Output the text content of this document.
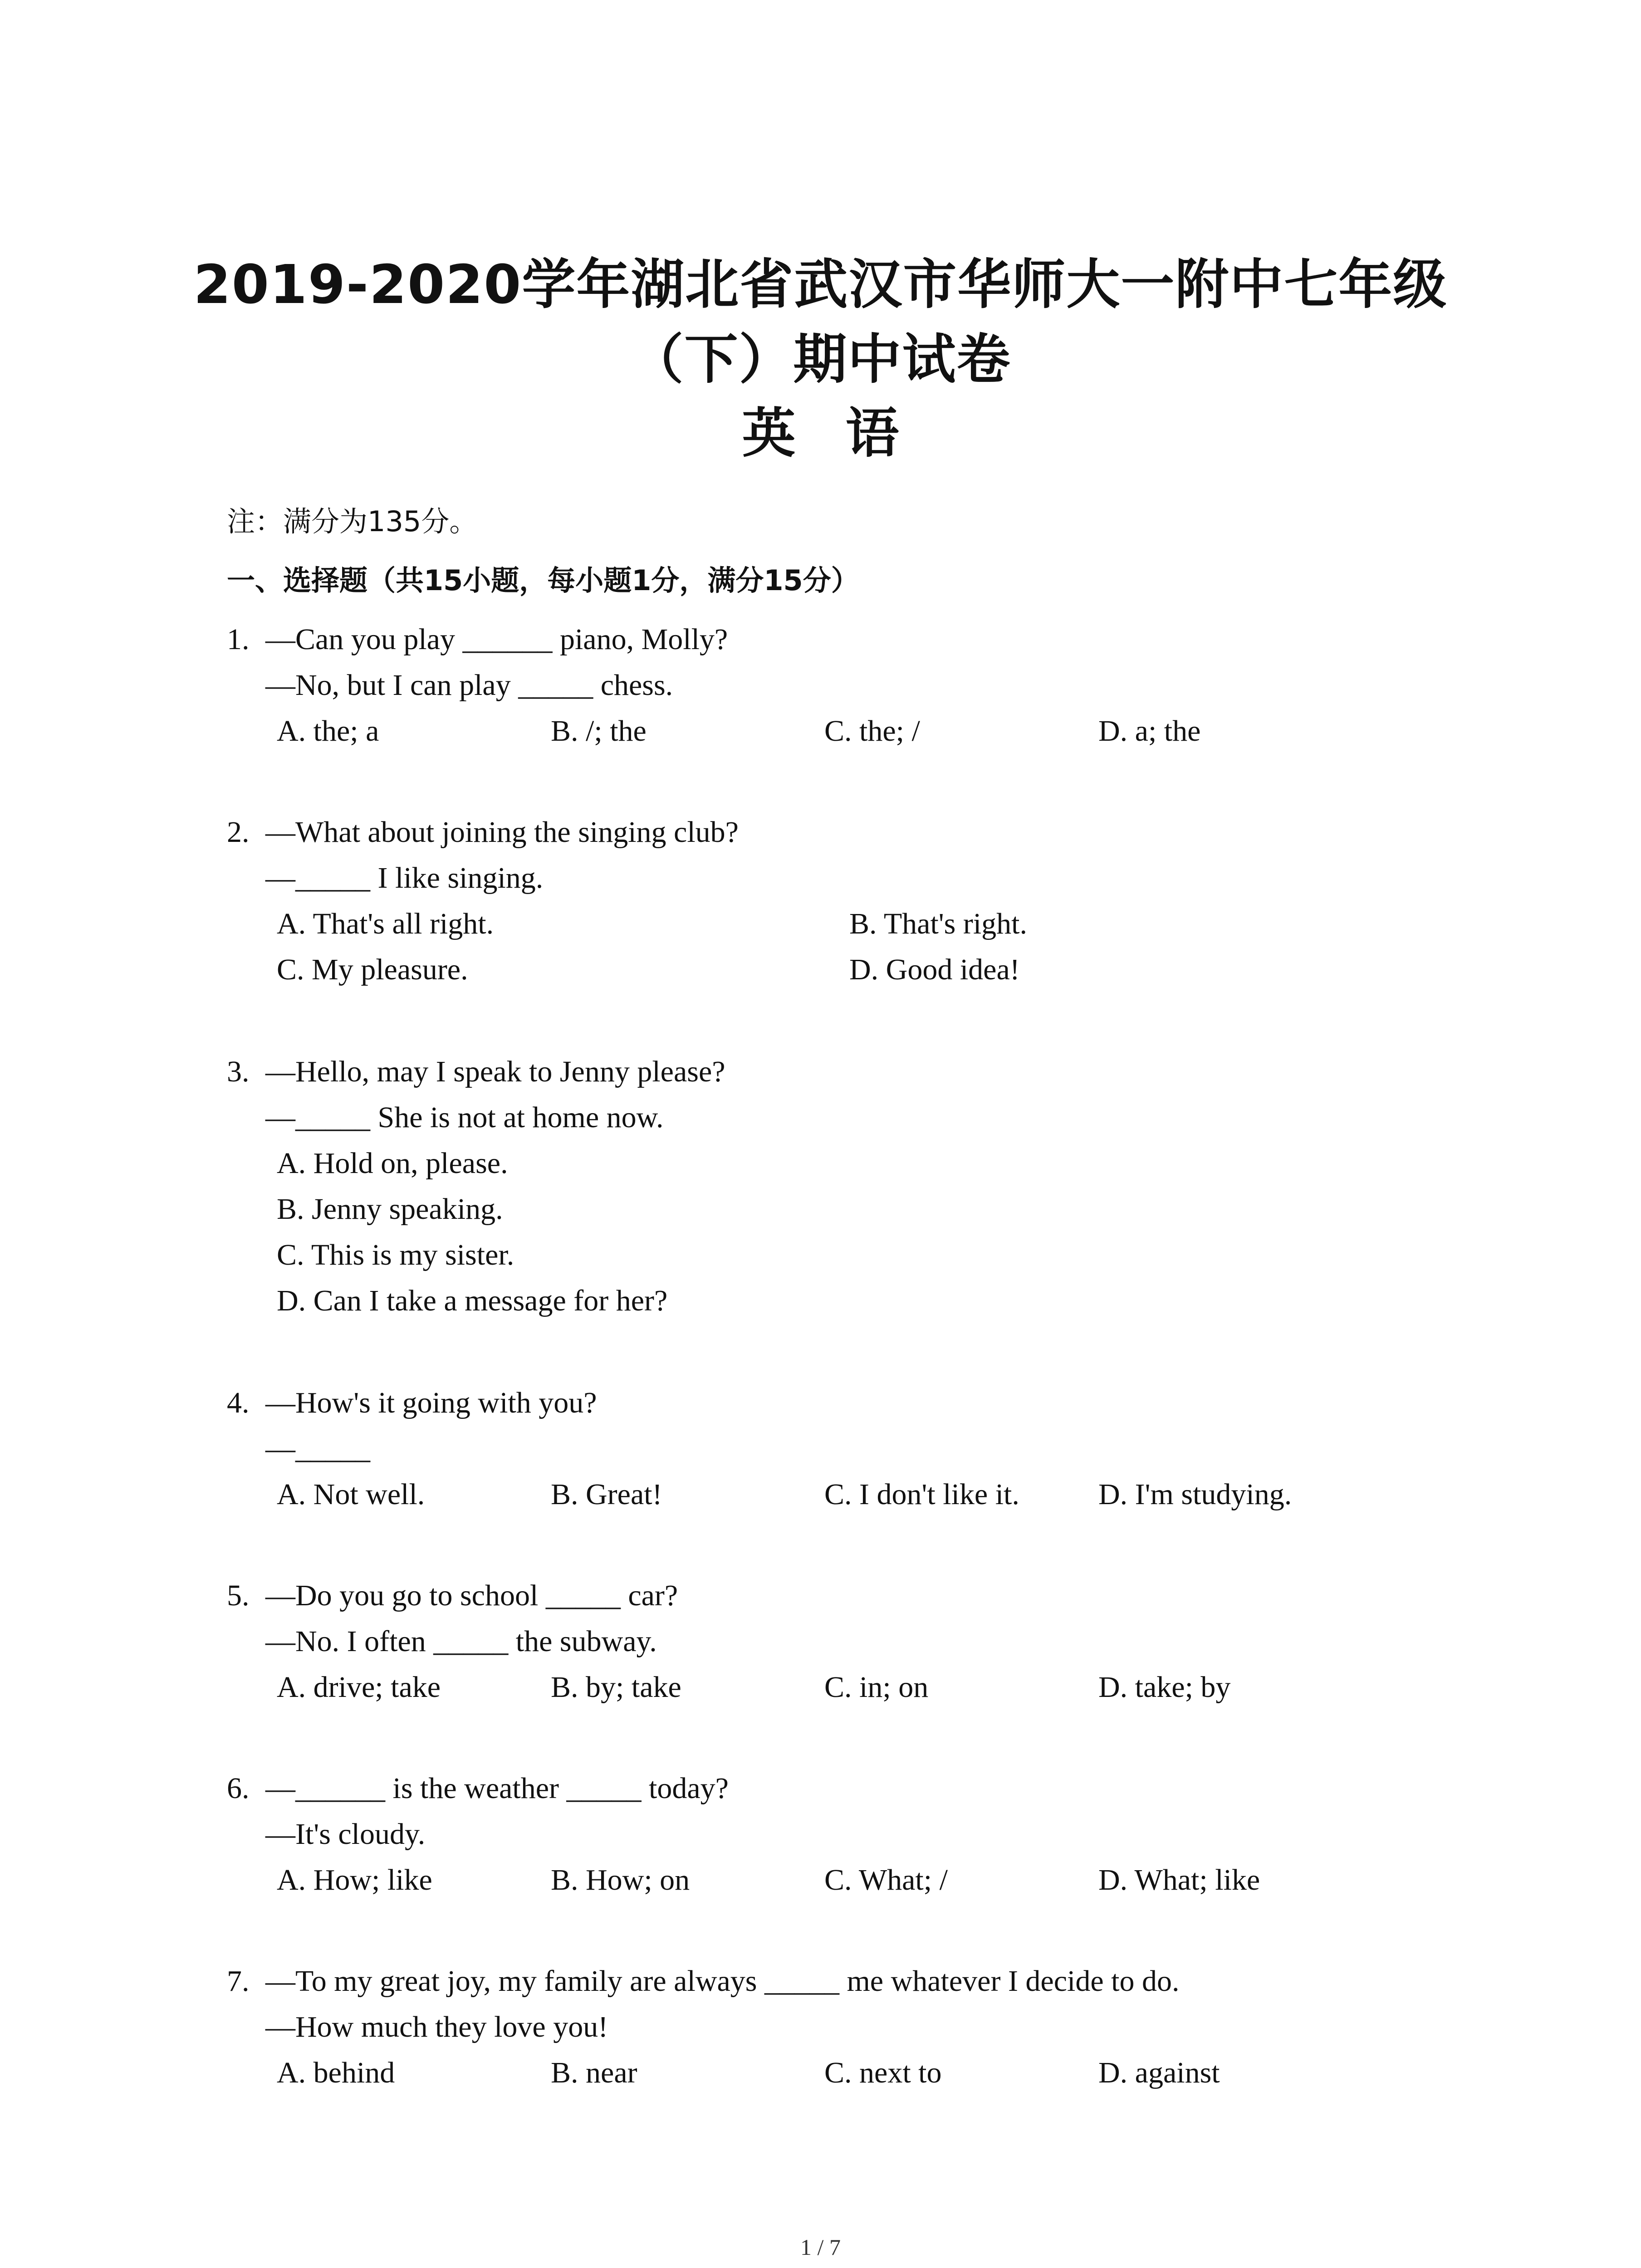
2019-2020学年湖北省武汉市华师大一附中七年级
（下）期中试卷
英 语
注：满分为135分。
一、选择题（共15小题，每小题1分，满分15分）
1. —Can you play ______ piano, Molly?
—No, but I can play _____ chess.
A. the; a	B. /; the	C. the; /	D. a; the
2. —What about joining the singing club?
—_____ I like singing.
A. That's all right.	B. That's right.
C. My pleasure.	D. Good idea!
3. —Hello, may I speak to Jenny please?
—_____ She is not at home now.
A. Hold on, please.
B. Jenny speaking.
C. This is my sister.
D. Can I take a message for her?
4. —How's it going with you?
—_____
A. Not well.	B. Great!	C. I don't like it.	D. I'm studying.
5. —Do you go to school _____ car?
—No. I often _____ the subway.
A. drive; take	B. by; take	C. in; on	D. take; by
6. —______ is the weather _____ today?
—It's cloudy.
A. How; like	B. How; on	C. What; /	D. What; like
7. —To my great joy, my family are always _____ me whatever I decide to do.
—How much they love you!
A. behind	B. near	C. next to	D. against
1 / 7
